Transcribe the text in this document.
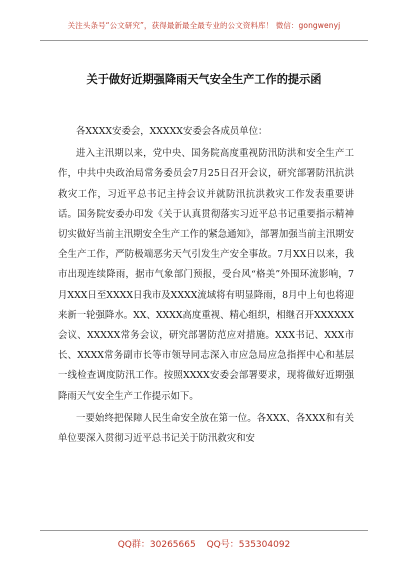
关注头条号“公文研究”，获得最新最全最专业的公文资料库！ 微信：gongwenyj
关于做好近期强降雨天气安全生产工作的提示函

各XXXX安委会，XXXXX安委会各成员单位：

进入主汛期以来，党中央、国务院高度重视防汛防洪和安全生产工作，中共中央政治局常务委员会7月25日召开会议，研究部署防汛抗洪救灾工作，习近平总书记主持会议并就防汛抗洪救灾工作发表重要讲话。国务院安委办印发《关于认真贯彻落实习近平总书记重要指示精神切实做好当前主汛期安全生产工作的紧急通知》，部署加强当前主汛期安全生产工作，严防极端恶劣天气引发生产安全事故。7月XX日以来，我市出现连续降雨，据市气象部门预报，受台风“格美”外围环流影响，7月XXX日至XXXX日我市及XXXX流域将有明显降雨，8月中上旬也将迎来新一轮强降水。XX、XXXX高度重视、精心组织，相继召开XXXXXX会议、XXXXX常务会议，研究部署防范应对措施。XXX书记、XXX市长、XXXX常务副市长等市领导同志深入市应急局应急指挥中心和基层一线检查调度防汛工作。按照XXXX安委会部署要求，现将做好近期强降雨天气安全生产工作提示如下。

一要始终把保障人民生命安全放在第一位。各XXX、各XXX和有关单位要深入贯彻习近平总书记关于防汛救灾和安

QQ群：30265665 QQ号：535304092
